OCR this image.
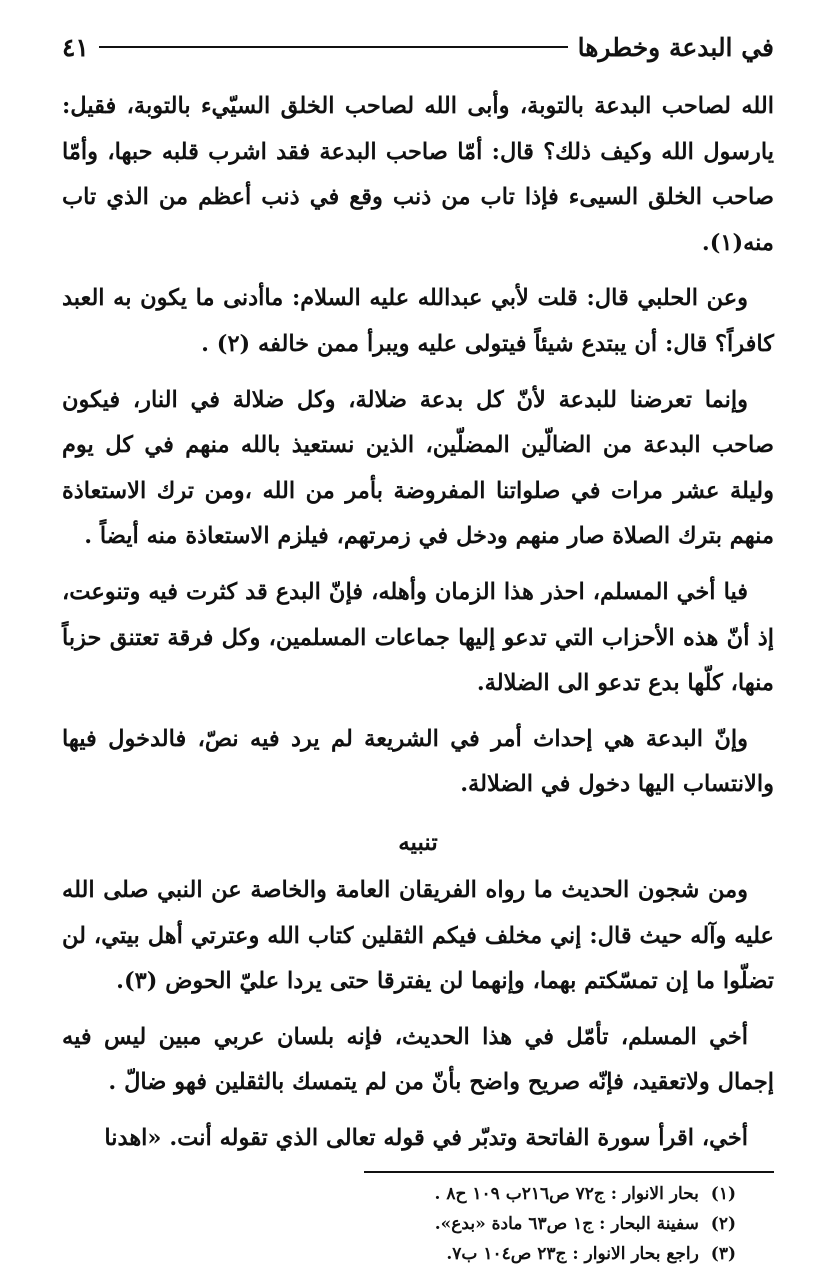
في البدعة وخطرها
٤١

الله لصاحب البدعة بالتوبة، وأبى الله لصاحب الخلق السيّيء بالتوبة، فقيل: يارسول الله وكيف ذلك؟ قال: أمّا صاحب البدعة فقد اشرب قلبه حبها، وأمّا صاحب الخلق السيىء فإذا تاب من ذنب وقع في ذنب أعظم من الذي تاب منه(١).

وعن الحلبي قال: قلت لأبي عبدالله عليه السلام: ماأدنى ما يكون به العبد كافراً؟ قال: أن يبتدع شيئاً فيتولى عليه ويبرأ ممن خالفه (٢) .

وإنما تعرضنا للبدعة لأنّ كل بدعة ضلالة، وكل ضلالة في النار، فيكون صاحب البدعة من الضالّين المضلّين، الذين نستعيذ بالله منهم في كل يوم وليلة عشر مرات في صلواتنا المفروضة بأمر من الله ،ومن ترك الاستعاذة منهم بترك الصلاة صار منهم ودخل في زمرتهم، فيلزم الاستعاذة منه أيضاً .

فيا أخي المسلم، احذر هذا الزمان وأهله، فإنّ البدع قد كثرت فيه وتنوعت، إذ أنّ هذه الأحزاب التي تدعو إليها جماعات المسلمين، وكل فرقة تعتنق حزباً منها، كلّها بدع تدعو الى الضلالة.

وإنّ البدعة هي إحداث أمر في الشريعة لم يرد فيه نصّ، فالدخول فيها والانتساب اليها دخول في الضلالة.

تنبيه

ومن شجون الحديث ما رواه الفريقان العامة والخاصة عن النبي صلى الله عليه وآله حيث قال: إني مخلف فيكم الثقلين كتاب الله وعترتي أهل بيتي، لن تضلّوا ما إن تمسّكتم بهما، وإنهما لن يفترقا حتى يردا عليّ الحوض (٣).

أخي المسلم، تأمّل في هذا الحديث، فإنه بلسان عربي مبين ليس فيه إجمال ولاتعقيد، فإنّه صريح واضح بأنّ من لم يتمسك بالثقلين فهو ضالّ .

أخي، اقرأ سورة الفاتحة وتدبّر في قوله تعالى الذي تقوله أنت. «اهدنا

(١) بحار الانوار : ج٧٢ ص٢١٦ب ١٠٩ ح٨ .
(٢) سفينة البحار : ج١ ص٦٣ مادة «بدع».
(٣) راجع بحار الانوار : ج٢٣ ص١٠٤ ب٧.
